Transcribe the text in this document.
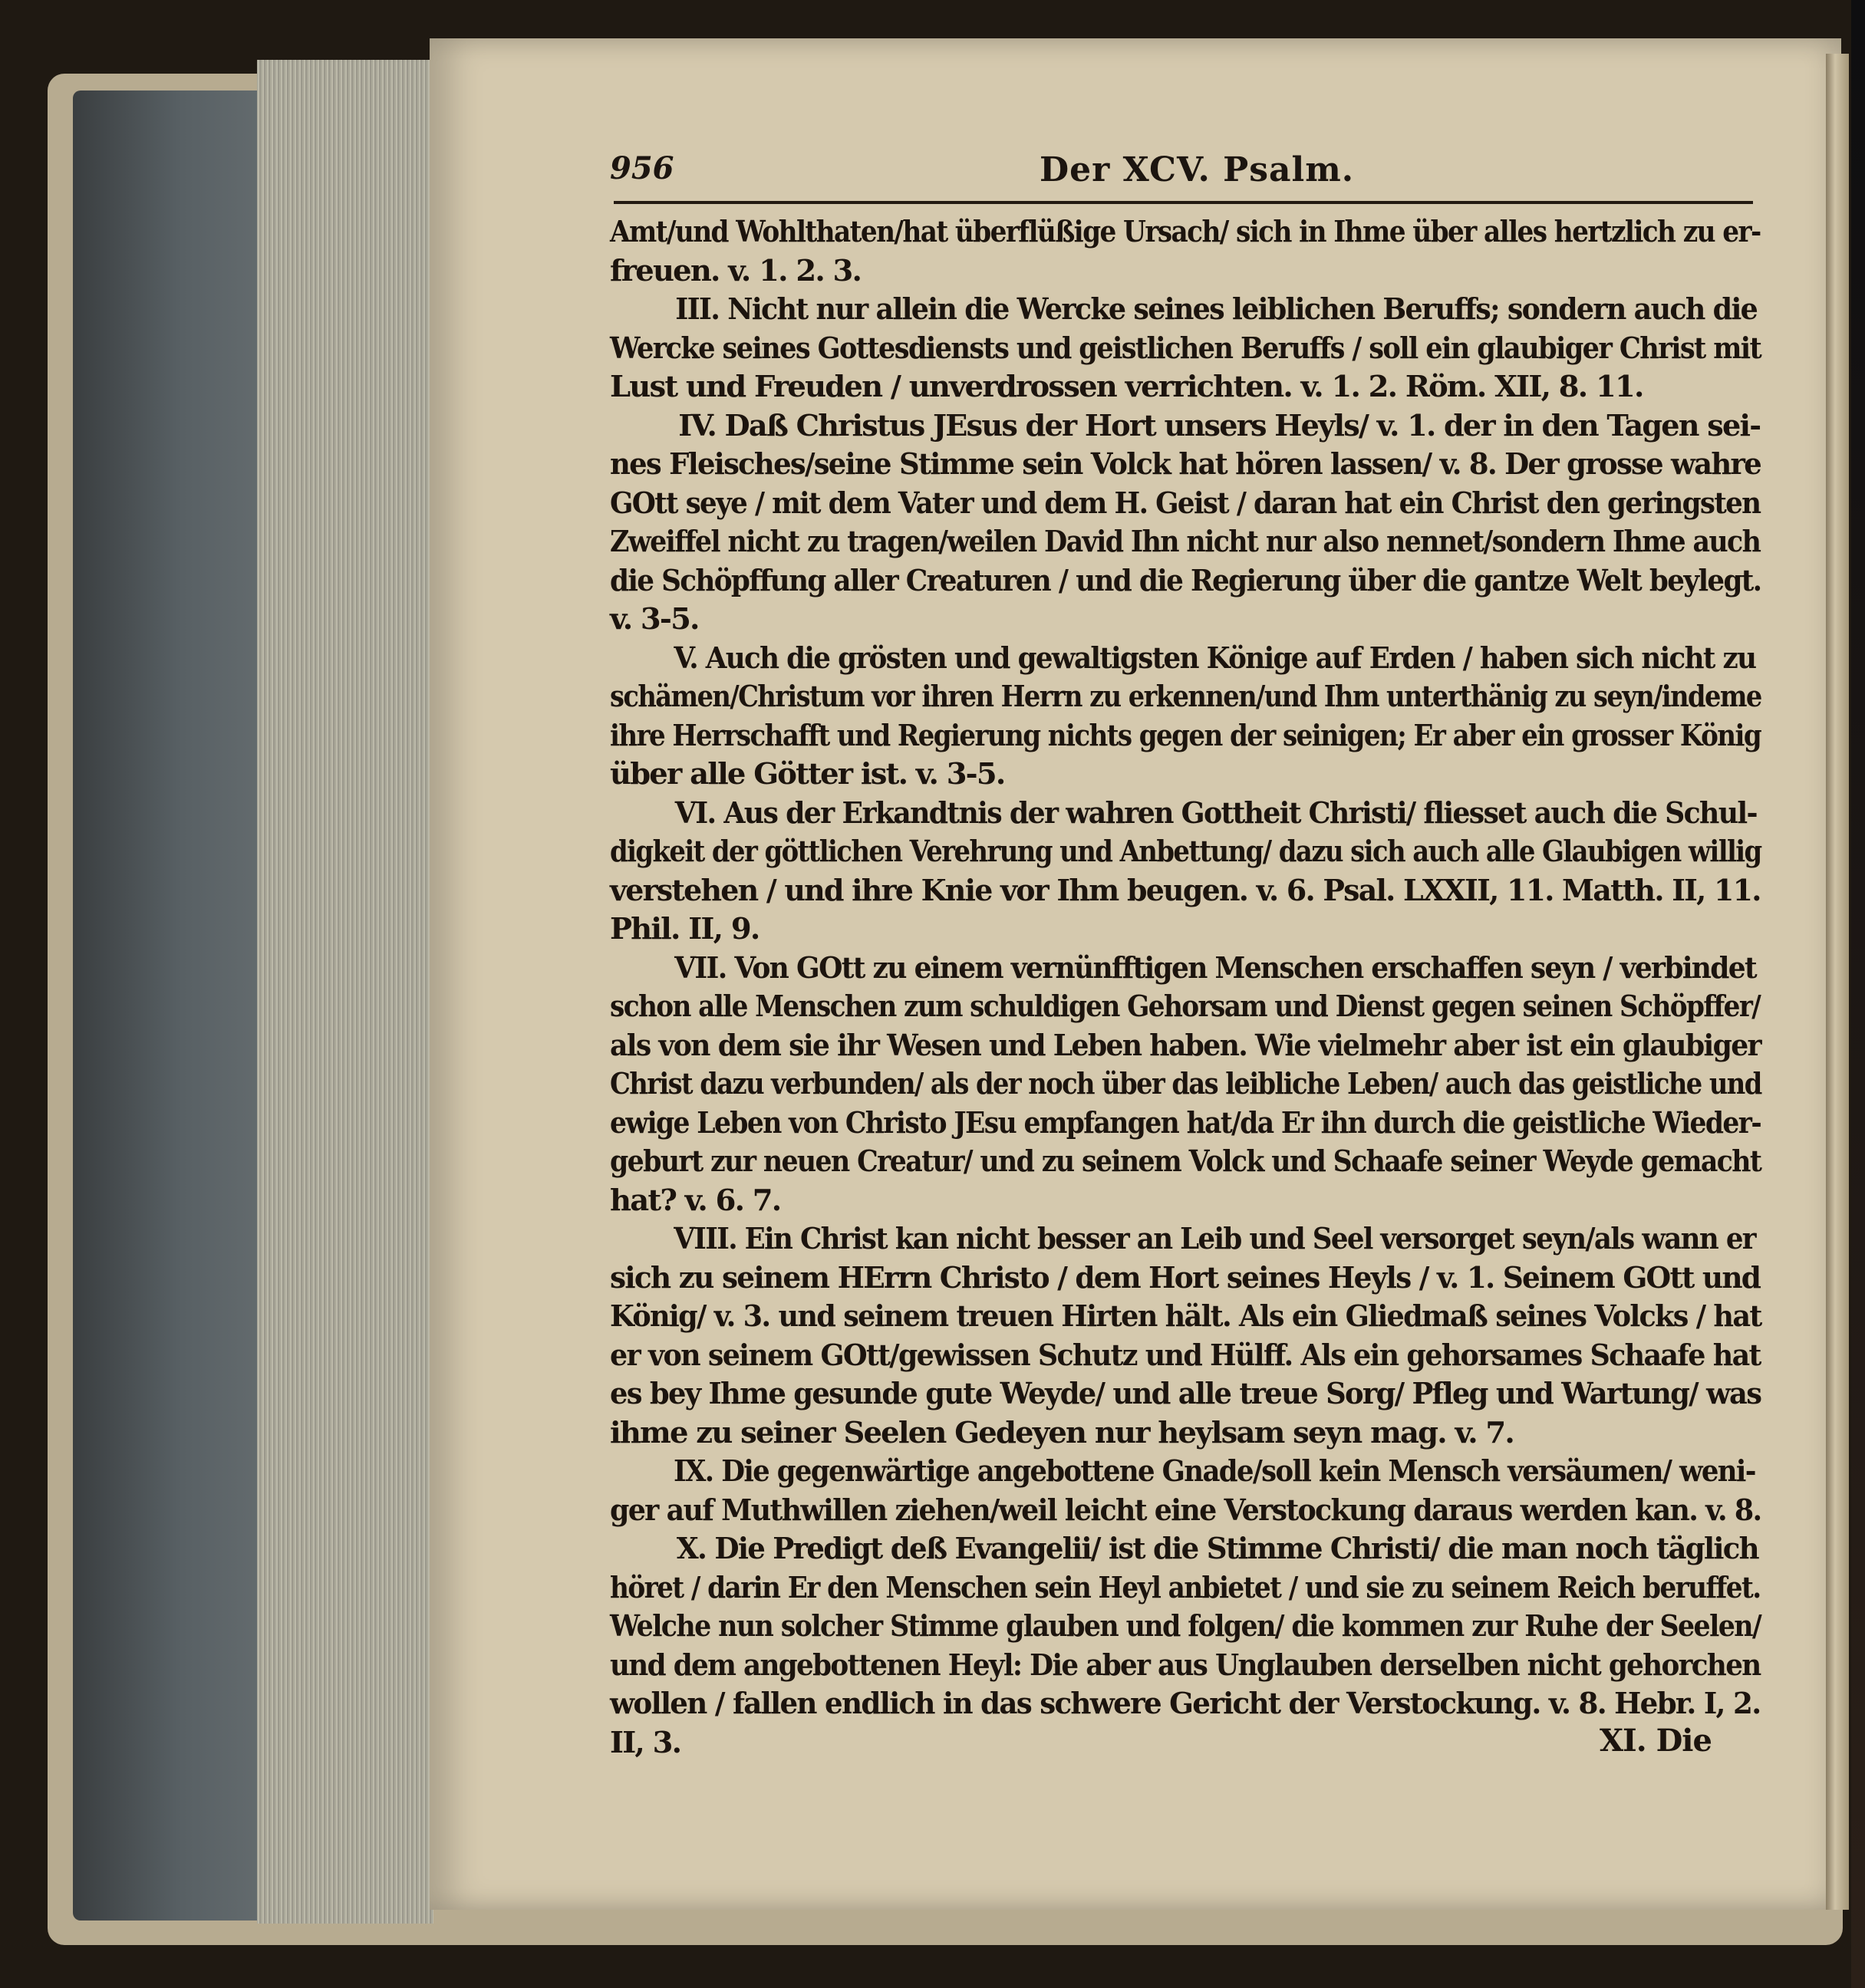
956	Der XCV. Psalm.
Amt/und Wohlthaten/hat überflüßige Ursach/ sich in Ihme über alles hertzlich zu er-
freuen. v. 1. 2. 3.
III. Nicht nur allein die Wercke seines leiblichen Beruffs; sondern auch die
Wercke seines Gottesdiensts und geistlichen Beruffs / soll ein glaubiger Christ mit
Lust und Freuden / unverdrossen verrichten. v. 1. 2. Röm. XII, 8. 11.
IV. Daß Christus JEsus der Hort unsers Heyls/ v. 1. der in den Tagen sei-
nes Fleisches/seine Stimme sein Volck hat hören lassen/ v. 8. Der grosse wahre
GOtt seye / mit dem Vater und dem H. Geist / daran hat ein Christ den geringsten
Zweiffel nicht zu tragen/weilen David Ihn nicht nur also nennet/sondern Ihme auch
die Schöpffung aller Creaturen / und die Regierung über die gantze Welt beylegt.
v. 3-5.
V. Auch die grösten und gewaltigsten Könige auf Erden / haben sich nicht zu
schämen/Christum vor ihren Herrn zu erkennen/und Ihm unterthänig zu seyn/indeme
ihre Herrschafft und Regierung nichts gegen der seinigen; Er aber ein grosser König
über alle Götter ist. v. 3-5.
VI. Aus der Erkandtnis der wahren Gottheit Christi/ fliesset auch die Schul-
digkeit der göttlichen Verehrung und Anbettung/ dazu sich auch alle Glaubigen willig
verstehen / und ihre Knie vor Ihm beugen. v. 6. Psal. LXXII, 11. Matth. II, 11.
Phil. II, 9.
VII. Von GOtt zu einem vernünfftigen Menschen erschaffen seyn / verbindet
schon alle Menschen zum schuldigen Gehorsam und Dienst gegen seinen Schöpffer/
als von dem sie ihr Wesen und Leben haben. Wie vielmehr aber ist ein glaubiger
Christ dazu verbunden/ als der noch über das leibliche Leben/ auch das geistliche und
ewige Leben von Christo JEsu empfangen hat/da Er ihn durch die geistliche Wieder-
geburt zur neuen Creatur/ und zu seinem Volck und Schaafe seiner Weyde gemacht
hat? v. 6. 7.
VIII. Ein Christ kan nicht besser an Leib und Seel versorget seyn/als wann er
sich zu seinem HErrn Christo / dem Hort seines Heyls / v. 1. Seinem GOtt und
König/ v. 3. und seinem treuen Hirten hält. Als ein Gliedmaß seines Volcks / hat
er von seinem GOtt/gewissen Schutz und Hülff. Als ein gehorsames Schaafe hat
es bey Ihme gesunde gute Weyde/ und alle treue Sorg/ Pfleg und Wartung/ was
ihme zu seiner Seelen Gedeyen nur heylsam seyn mag. v. 7.
IX. Die gegenwärtige angebottene Gnade/soll kein Mensch versäumen/ weni-
ger auf Muthwillen ziehen/weil leicht eine Verstockung daraus werden kan. v. 8.
X. Die Predigt deß Evangelii/ ist die Stimme Christi/ die man noch täglich
höret / darin Er den Menschen sein Heyl anbietet / und sie zu seinem Reich beruffet.
Welche nun solcher Stimme glauben und folgen/ die kommen zur Ruhe der Seelen/
und dem angebottenen Heyl: Die aber aus Unglauben derselben nicht gehorchen
wollen / fallen endlich in das schwere Gericht der Verstockung. v. 8. Hebr. I, 2.
II, 3.	XI. Die
